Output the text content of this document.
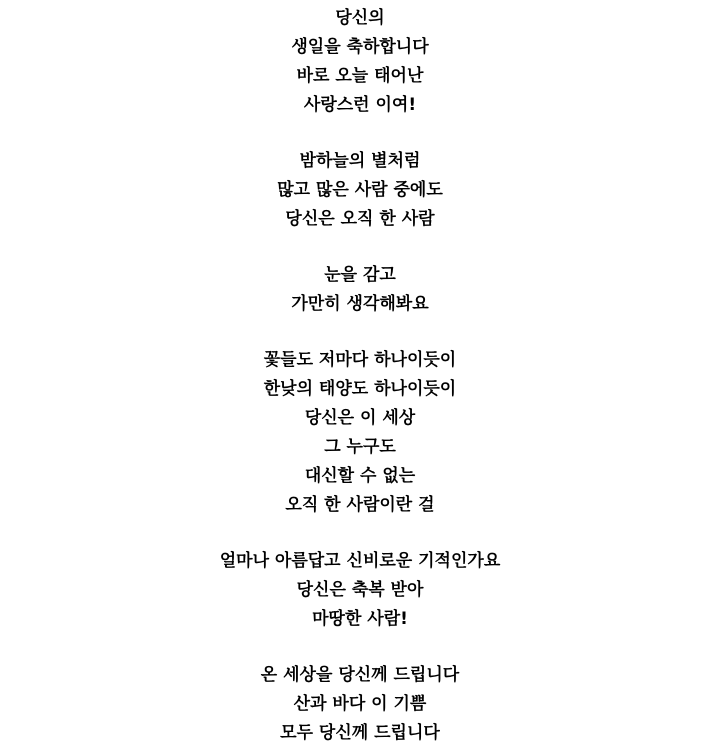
당신의
생일을 축하합니다
바로 오늘 태어난
사랑스런 이여!
밤하늘의 별처럼
많고 많은 사람 중에도
당신은 오직 한 사람
눈을 감고
가만히 생각해봐요
꽃들도 저마다 하나이듯이
한낮의 태양도 하나이듯이
당신은 이 세상
그 누구도
대신할 수 없는
오직 한 사람이란 걸
얼마나 아름답고 신비로운 기적인가요
당신은 축복 받아
마땅한 사람!
온 세상을 당신께 드립니다
산과 바다 이 기쁨
모두 당신께 드립니다
